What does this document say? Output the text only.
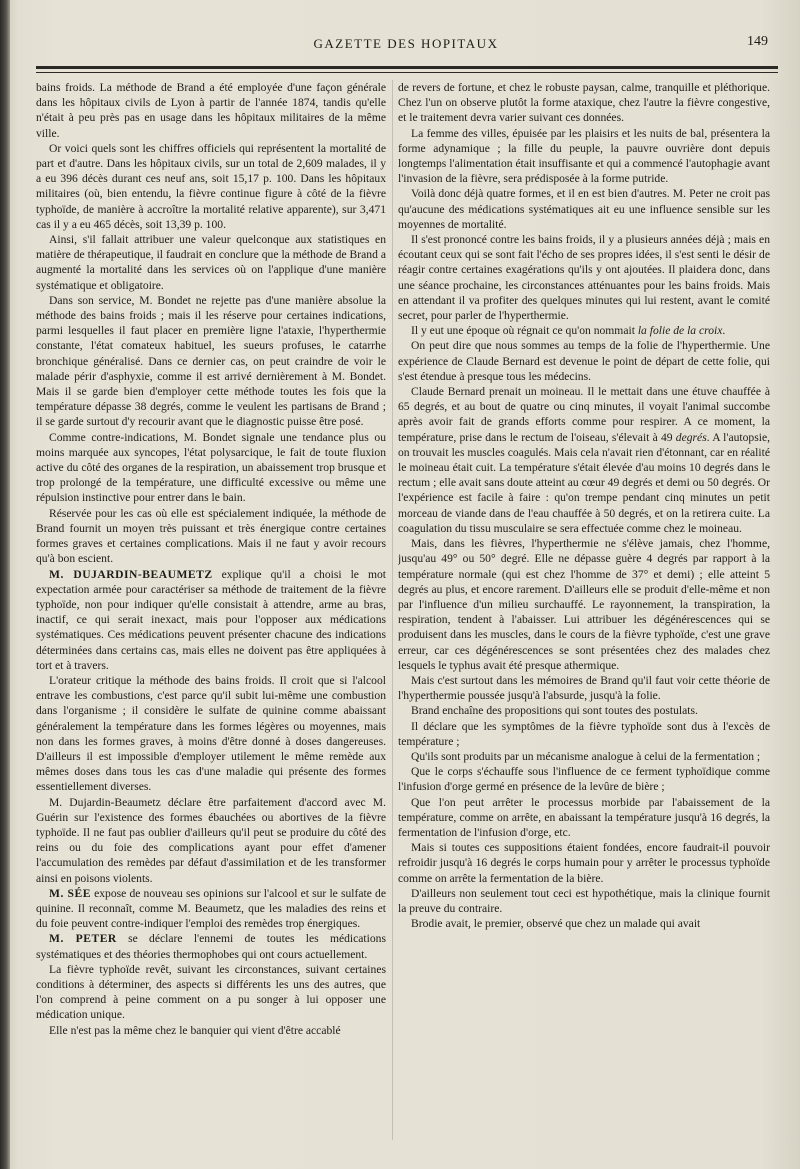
GAZETTE DES HOPITAUX	149

bains froids. La méthode de Brand a été employée d'une façon générale dans les hôpitaux civils de Lyon à partir de l'année 1874, tandis qu'elle n'était à peu près pas en usage dans les hôpitaux militaires de la même ville.

Or voici quels sont les chiffres officiels qui représentent la mortalité de part et d'autre. Dans les hôpitaux civils, sur un total de 2,609 malades, il y a eu 396 décès durant ces neuf ans, soit 15,17 p. 100. Dans les hôpitaux militaires (où, bien entendu, la fièvre continue figure à côté de la fièvre typhoïde, de manière à accroître la mortalité relative apparente), sur 3,471 cas il y a eu 465 décès, soit 13,39 p. 100.

Ainsi, s'il fallait attribuer une valeur quelconque aux statistiques en matière de thérapeutique, il faudrait en conclure que la méthode de Brand a augmenté la mortalité dans les services où on l'applique d'une manière systématique et obligatoire.

Dans son service, M. Bondet ne rejette pas d'une manière absolue la méthode des bains froids ; mais il les réserve pour certaines indications, parmi lesquelles il faut placer en première ligne l'ataxie, l'hyperthermie constante, l'état comateux habituel, les sueurs profuses, le catarrhe bronchique généralisé. Dans ce dernier cas, on peut craindre de voir le malade périr d'asphyxie, comme il est arrivé dernièrement à M. Bondet. Mais il se garde bien d'employer cette méthode toutes les fois que la température dépasse 38 degrés, comme le veulent les partisans de Brand ; il se garde surtout d'y recourir avant que le diagnostic puisse être posé.

Comme contre-indications, M. Bondet signale une tendance plus ou moins marquée aux syncopes, l'état polysarcique, le fait de toute fluxion active du côté des organes de la respiration, un abaissement trop brusque et trop prolongé de la température, une difficulté excessive ou même une répulsion instinctive pour entrer dans le bain.

Réservée pour les cas où elle est spécialement indiquée, la méthode de Brand fournit un moyen très puissant et très énergique contre certaines formes graves et certaines complications. Mais il ne faut y avoir recours qu'à bon escient.

M. DUJARDIN-BEAUMETZ explique qu'il a choisi le mot expectation armée pour caractériser sa méthode de traitement de la fièvre typhoïde, non pour indiquer qu'elle consistait à attendre, arme au bras, inactif, ce qui serait inexact, mais pour l'opposer aux médications systématiques. Ces médications peuvent présenter chacune des indications déterminées dans certains cas, mais elles ne doivent pas être appliquées à tort et à travers.

L'orateur critique la méthode des bains froids. Il croit que si l'alcool entrave les combustions, c'est parce qu'il subit lui-même une combustion dans l'organisme ; il considère le sulfate de quinine comme abaissant généralement la température dans les formes légères ou moyennes, mais non dans les formes graves, à moins d'être donné à doses dangereuses. D'ailleurs il est impossible d'employer utilement le même remède aux mêmes doses dans tous les cas d'une maladie qui présente des formes essentiellement diverses.

M. Dujardin-Beaumetz déclare être parfaitement d'accord avec M. Guérin sur l'existence des formes ébauchées ou abortives de la fièvre typhoïde. Il ne faut pas oublier d'ailleurs qu'il peut se produire du côté des reins ou du foie des complications ayant pour effet d'amener l'accumulation des remèdes par défaut d'assimilation et de les transformer ainsi en poisons violents.

M. SÉE expose de nouveau ses opinions sur l'alcool et sur le sulfate de quinine. Il reconnaît, comme M. Beaumetz, que les maladies des reins et du foie peuvent contre-indiquer l'emploi des remèdes trop énergiques.

M. PETER se déclare l'ennemi de toutes les médications systématiques et des théories thermophobes qui ont cours actuellement.

La fièvre typhoïde revêt, suivant les circonstances, suivant certaines conditions à déterminer, des aspects si différents les uns des autres, que l'on comprend à peine comment on a pu songer à lui opposer une médication unique.

Elle n'est pas la même chez le banquier qui vient d'être accablé

de revers de fortune, et chez le robuste paysan, calme, tranquille et pléthorique. Chez l'un on observe plutôt la forme ataxique, chez l'autre la fièvre congestive, et le traitement devra varier suivant ces données.

La femme des villes, épuisée par les plaisirs et les nuits de bal, présentera la forme adynamique ; la fille du peuple, la pauvre ouvrière dont depuis longtemps l'alimentation était insuffisante et qui a commencé l'autophagie avant l'invasion de la fièvre, sera prédisposée à la forme putride.

Voilà donc déjà quatre formes, et il en est bien d'autres. M. Peter ne croit pas qu'aucune des médications systématiques ait eu une influence sensible sur les moyennes de mortalité.

Il s'est prononcé contre les bains froids, il y a plusieurs années déjà ; mais en écoutant ceux qui se sont fait l'écho de ses propres idées, il s'est senti le désir de réagir contre certaines exagérations qu'ils y ont ajoutées. Il plaidera donc, dans une séance prochaine, les circonstances atténuantes pour les bains froids. Mais en attendant il va profiter des quelques minutes qui lui restent, avant le comité secret, pour parler de l'hyperthermie.

Il y eut une époque où régnait ce qu'on nommait la folie de la croix.

On peut dire que nous sommes au temps de la folie de l'hyperthermie. Une expérience de Claude Bernard est devenue le point de départ de cette folie, qui s'est étendue à presque tous les médecins.

Claude Bernard prenait un moineau. Il le mettait dans une étuve chauffée à 65 degrés, et au bout de quatre ou cinq minutes, il voyait l'animal succombe après avoir fait de grands efforts comme pour respirer. A ce moment, la température, prise dans le rectum de l'oiseau, s'élevait à 49 degrés. A l'autopsie, on trouvait les muscles coagulés. Mais cela n'avait rien d'étonnant, car en réalité le moineau était cuit. La température s'était élevée d'au moins 10 degrés dans le rectum ; elle avait sans doute atteint au cœur 49 degrés et demi ou 50 degrés. Or l'expérience est facile à faire : qu'on trempe pendant cinq minutes un petit morceau de viande dans de l'eau chauffée à 50 degrés, et on la retirera cuite. La coagulation du tissu musculaire se sera effectuée comme chez le moineau.

Mais, dans les fièvres, l'hyperthermie ne s'élève jamais, chez l'homme, jusqu'au 49° ou 50° degré. Elle ne dépasse guère 4 degrés par rapport à la température normale (qui est chez l'homme de 37° et demi) ; elle atteint 5 degrés au plus, et encore rarement. D'ailleurs elle se produit d'elle-même et non par l'influence d'un milieu surchauffé. Le rayonnement, la transpiration, la respiration, tendent à l'abaisser. Lui attribuer les dégénérescences qui se produisent dans les muscles, dans le cours de la fièvre typhoïde, c'est une grave erreur, car ces dégénérescences se sont présentées chez des malades chez lesquels le typhus avait été presque athermique.

Mais c'est surtout dans les mémoires de Brand qu'il faut voir cette théorie de l'hyperthermie poussée jusqu'à l'absurde, jusqu'à la folie.

Brand enchaîne des propositions qui sont toutes des postulats.

Il déclare que les symptômes de la fièvre typhoïde sont dus à l'excès de température ;

Qu'ils sont produits par un mécanisme analogue à celui de la fermentation ;

Que le corps s'échauffe sous l'influence de ce ferment typhoïdique comme l'infusion d'orge germé en présence de la levûre de bière ;

Que l'on peut arrêter le processus morbide par l'abaissement de la température, comme on arrête, en abaissant la température jusqu'à 16 degrés, la fermentation de l'infusion d'orge, etc.

Mais si toutes ces suppositions étaient fondées, encore faudrait-il pouvoir refroidir jusqu'à 16 degrés le corps humain pour y arrêter le processus typhoïde comme on arrête la fermentation de la bière.

D'ailleurs non seulement tout ceci est hypothétique, mais la clinique fournit la preuve du contraire.

Brodie avait, le premier, observé que chez un malade qui avait
